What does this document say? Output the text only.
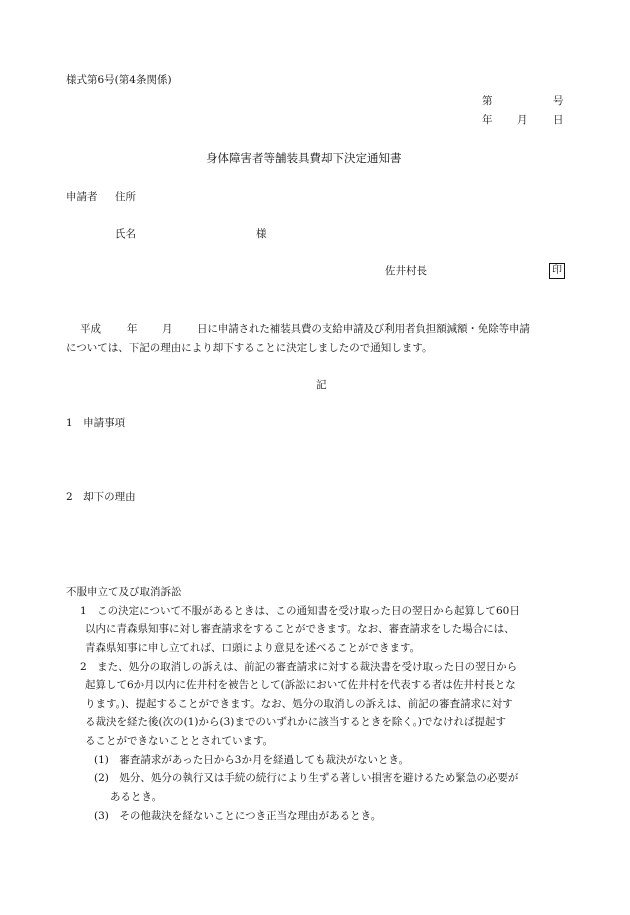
様式第6号(第4条関係)
第	号
年 月 日
身体障害者等舗装具費却下決定通知書
申請者 住所
氏名	様
佐井村長	印
平成 年 月 日に申請された補装具費の支給申請及び利用者負担額減額・免除等申請
については、下記の理由により却下することに決定しましたので通知します。
記
1　申請事項
2　却下の理由
不服申立て及び取消訴訟
1　この決定について不服があるときは、この通知書を受け取った日の翌日から起算して60日
以内に青森県知事に対し審査請求をすることができます。なお、審査請求をした場合には、
青森県知事に申し立てれば、口頭により意見を述べることができます。
2　また、処分の取消しの訴えは、前記の審査請求に対する裁決書を受け取った日の翌日から
起算して6か月以内に佐井村を被告として(訴訟において佐井村を代表する者は佐井村長とな
ります。)、提起することができます。なお、処分の取消しの訴えは、前記の審査請求に対す
る裁決を経た後(次の(1)から(3)までのいずれかに該当するときを除く。)でなければ提起す
ることができないこととされています。
(1)　審査請求があった日から3か月を経過しても裁決がないとき。
(2)　処分、処分の執行又は手続の続行により生ずる著しい損害を避けるため緊急の必要が
あるとき。
(3)　その他裁決を経ないことにつき正当な理由があるとき。
